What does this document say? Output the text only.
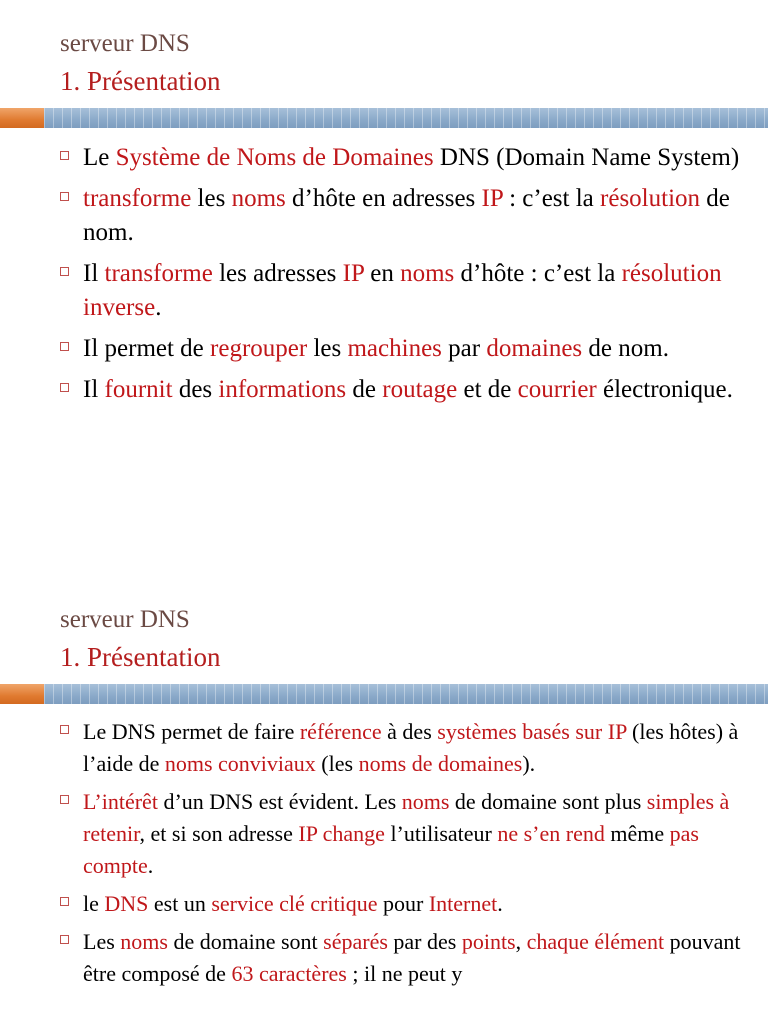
serveur DNS
1. Présentation
Le Système de Noms de Domaines DNS (Domain Name System)
transforme les noms d’hôte en adresses IP : c’est la résolution de nom.
Il transforme les adresses IP en noms d’hôte : c’est la résolution inverse.
Il permet de regrouper les machines par domaines de nom.
Il fournit des informations de routage et de courrier électronique.
serveur DNS
1. Présentation
Le DNS permet de faire référence à des systèmes basés sur IP (les hôtes) à l’aide de noms conviviaux (les noms de domaines).
L’intérêt d’un DNS est évident. Les noms de domaine sont plus simples à retenir, et si son adresse IP change l’utilisateur ne s’en rend même pas compte.
le DNS est un service clé critique pour Internet.
Les noms de domaine sont séparés par des points, chaque élément pouvant être composé de 63 caractères ; il ne peut y
